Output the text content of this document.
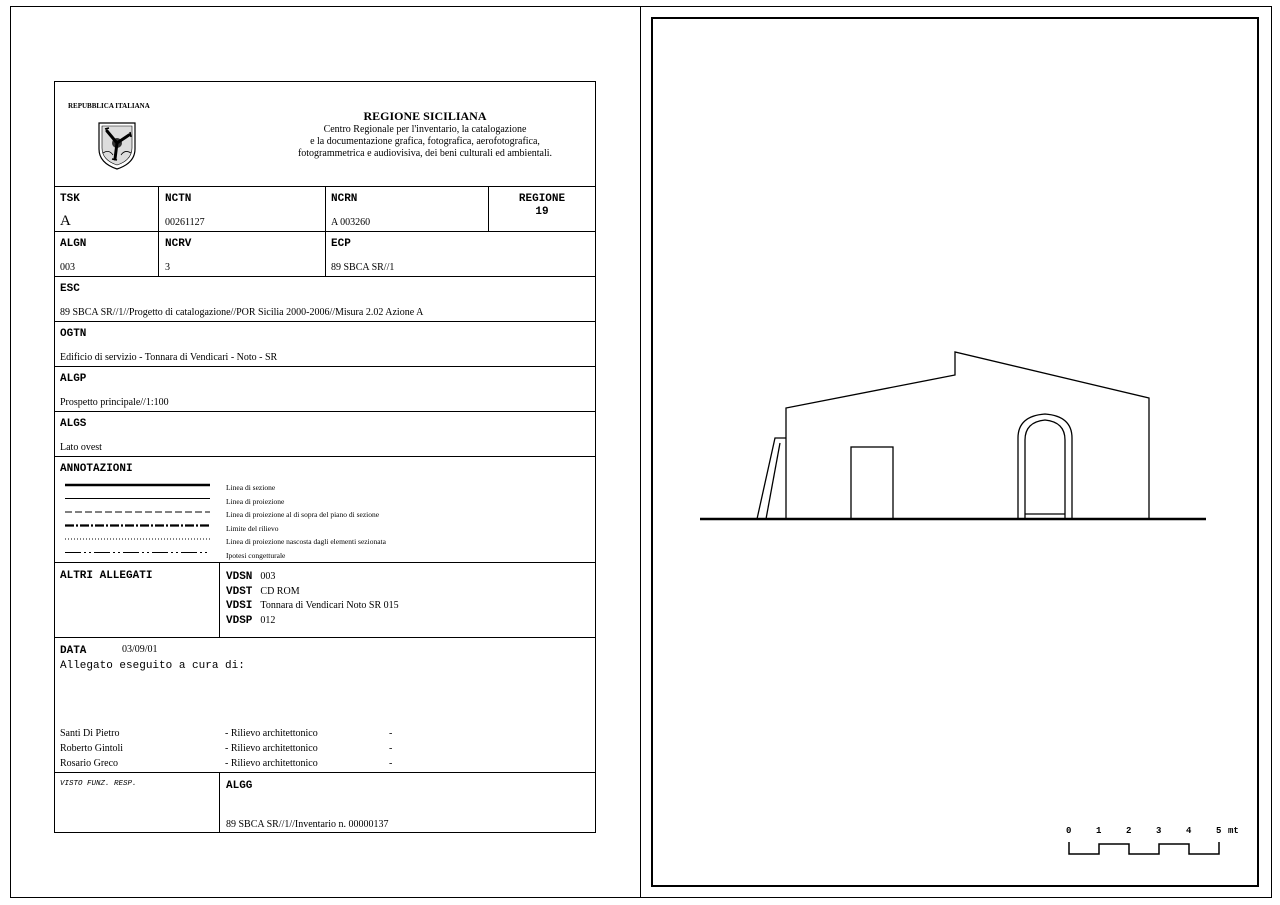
REPUBBLICA ITALIANA
REGIONE SICILIANA
Centro Regionale per l'inventario, la catalogazione
e la documentazione grafica, fotografica, aerofotografica,
fotogrammetrica e audiovisiva, dei beni culturali ed ambientali.
TSK
A
NCTN
00261127
NCRN
A 003260
REGIONE
19
ALGN
003
NCRV
3
ECP
89 SBCA SR//1
ESC
89 SBCA SR//1//Progetto di catalogazione//POR Sicilia 2000-2006//Misura 2.02 Azione A
OGTN
Edificio di servizio - Tonnara di Vendicari - Noto - SR
ALGP
Prospetto principale//1:100
ALGS
Lato ovest
ANNOTAZIONI
Linea di sezione
Linea di proiezione
Linea di proiezione al di sopra del piano di sezione
Limite del rilievo
Linea di proiezione nascosta dagli elementi sezionata
Ipotesi congetturale
ALTRI ALLEGATI	VDSN 003
VDST CD ROM
VDSI Tonnara di Vendicari Noto SR 015
VDSP 012
DATA	03/09/01
Allegato eseguito a cura di:
Santi Di Pietro	- Rilievo architettonico	-
Roberto Gintoli	- Rilievo architettonico	-
Rosario Greco	- Rilievo architettonico	-
VISTO FUNZ. RESP.	ALGG
89 SBCA SR//1//Inventario n. 00000137
0	1	2	3	4	5 mt
